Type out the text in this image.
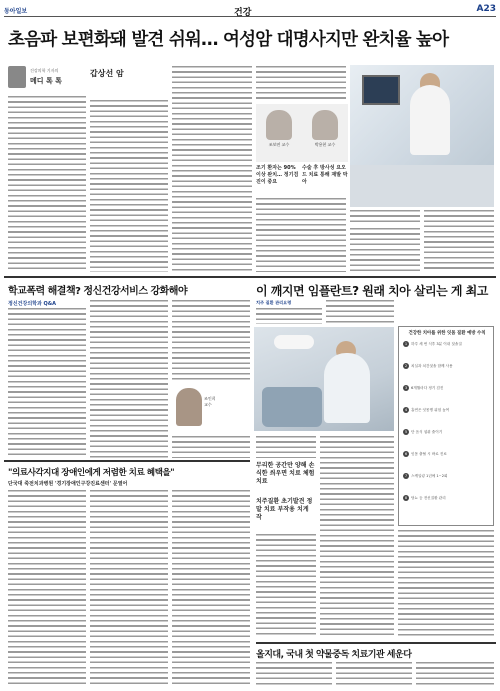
동아일보	건강	A23
초음파 보편화돼 발견 쉬워… 여성암 대명사지만 완치율 높아
건강의학 기자의
메디 톡 톡
갑상선 암
조보연 교수	박용현 교수
조기 환자는 90% 이상 완치… 정기검진이 중요
수술 후 방사성 요오드 치료 통해 재발 막아
학교폭력 해결책? 정신건강서비스 강화해야
정신건강의학과 Q&A
조인희 교수
"의료사각지대 장애인에게 저렴한 치료 혜택을"
단국대 죽전치과병원 '경기장애인구강진료센터' 문열어
이 깨지면 임플란트? 원래 치아 살리는 게 최고
치주 질환 관리요령
건강한 치아를 위한 잇몸 질환 예방 수칙
1 하루 세 번 식후 3분 이내 칫솔질
2 치실과 치간칫솔 함께 사용
3 6개월마다 정기 검진
4 흡연은 잇몸병 위험 높여
5 단 음식 섭취 줄이기
6 잇몸 출혈 시 바로 진료
7 스케일링 1년에 1~2회
8 당뇨 등 전신질환 관리
무리한 공간만 양해 손식한 씌우면 치료 체험 치료
치주질환 초기발견 정말 치료 부작용 치게 작
올지대, 국내 첫 약물중독 치료기관 세운다
